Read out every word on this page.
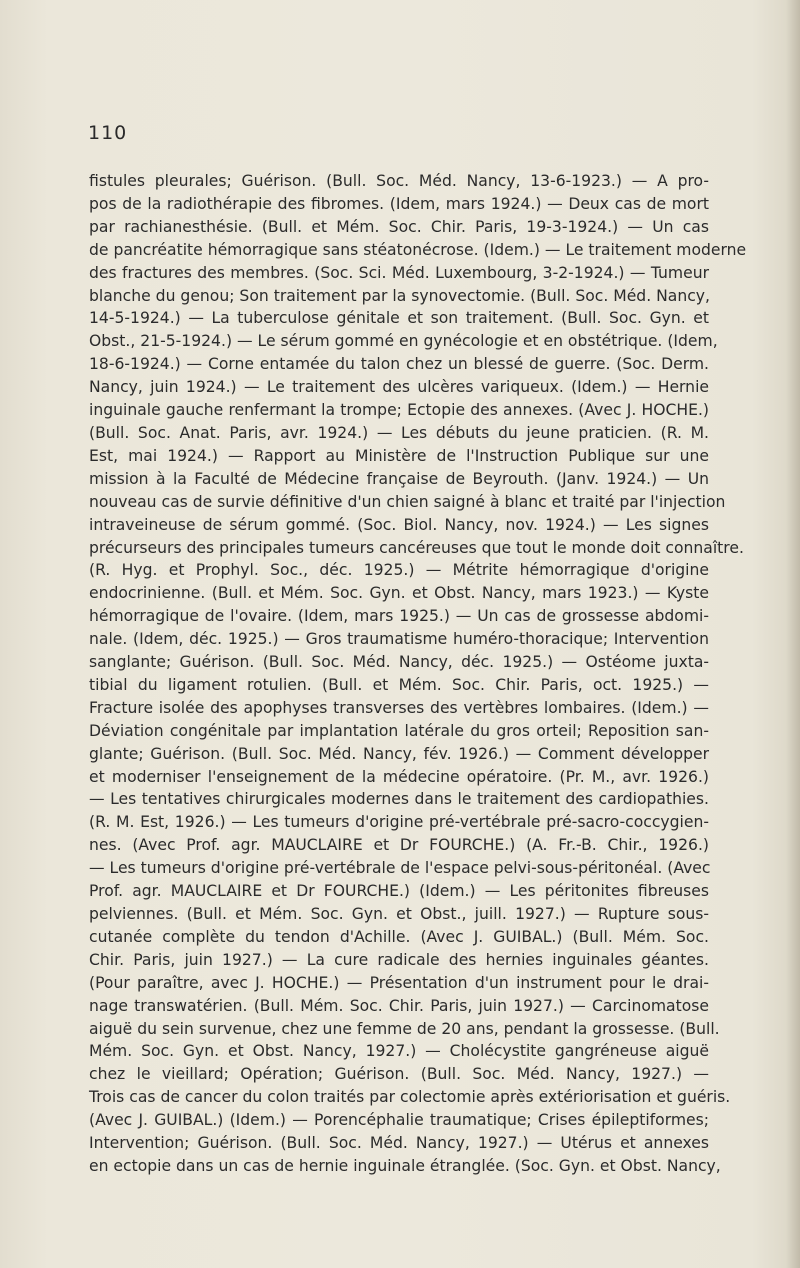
110

fistules pleurales; Guérison. (Bull. Soc. Méd. Nancy, 13-6-1923.) — A pro-
pos de la radiothérapie des fibromes. (Idem, mars 1924.) — Deux cas de mort
par rachianesthésie. (Bull. et Mém. Soc. Chir. Paris, 19-3-1924.) — Un cas
de pancréatite hémorragique sans stéatonécrose. (Idem.) — Le traitement moderne
des fractures des membres. (Soc. Sci. Méd. Luxembourg, 3-2-1924.) — Tumeur
blanche du genou; Son traitement par la synovectomie. (Bull. Soc. Méd. Nancy,
14-5-1924.) — La tuberculose génitale et son traitement. (Bull. Soc. Gyn. et
Obst., 21-5-1924.) — Le sérum gommé en gynécologie et en obstétrique. (Idem,
18-6-1924.) — Corne entamée du talon chez un blessé de guerre. (Soc. Derm.
Nancy, juin 1924.) — Le traitement des ulcères variqueux. (Idem.) — Hernie
inguinale gauche renfermant la trompe; Ectopie des annexes. (Avec J. HOCHE.)
(Bull. Soc. Anat. Paris, avr. 1924.) — Les débuts du jeune praticien. (R. M.
Est, mai 1924.) — Rapport au Ministère de l'Instruction Publique sur une
mission à la Faculté de Médecine française de Beyrouth. (Janv. 1924.) — Un
nouveau cas de survie définitive d'un chien saigné à blanc et traité par l'injection
intraveineuse de sérum gommé. (Soc. Biol. Nancy, nov. 1924.) — Les signes
précurseurs des principales tumeurs cancéreuses que tout le monde doit connaître.
(R. Hyg. et Prophyl. Soc., déc. 1925.) — Métrite hémorragique d'origine
endocrinienne. (Bull. et Mém. Soc. Gyn. et Obst. Nancy, mars 1923.) — Kyste
hémorragique de l'ovaire. (Idem, mars 1925.) — Un cas de grossesse abdomi-
nale. (Idem, déc. 1925.) — Gros traumatisme huméro-thoracique; Intervention
sanglante; Guérison. (Bull. Soc. Méd. Nancy, déc. 1925.) — Ostéome juxta-
tibial du ligament rotulien. (Bull. et Mém. Soc. Chir. Paris, oct. 1925.) —
Fracture isolée des apophyses transverses des vertèbres lombaires. (Idem.) —
Déviation congénitale par implantation latérale du gros orteil; Reposition san-
glante; Guérison. (Bull. Soc. Méd. Nancy, fév. 1926.) — Comment développer
et moderniser l'enseignement de la médecine opératoire. (Pr. M., avr. 1926.)
— Les tentatives chirurgicales modernes dans le traitement des cardiopathies.
(R. M. Est, 1926.) — Les tumeurs d'origine pré-vertébrale pré-sacro-coccygien-
nes. (Avec Prof. agr. MAUCLAIRE et Dr FOURCHE.) (A. Fr.-B. Chir., 1926.)
— Les tumeurs d'origine pré-vertébrale de l'espace pelvi-sous-péritonéal. (Avec
Prof. agr. MAUCLAIRE et Dr FOURCHE.) (Idem.) — Les péritonites fibreuses
pelviennes. (Bull. et Mém. Soc. Gyn. et Obst., juill. 1927.) — Rupture sous-
cutanée complète du tendon d'Achille. (Avec J. GUIBAL.) (Bull. Mém. Soc.
Chir. Paris, juin 1927.) — La cure radicale des hernies inguinales géantes.
(Pour paraître, avec J. HOCHE.) — Présentation d'un instrument pour le drai-
nage transwatérien. (Bull. Mém. Soc. Chir. Paris, juin 1927.) — Carcinomatose
aiguë du sein survenue, chez une femme de 20 ans, pendant la grossesse. (Bull.
Mém. Soc. Gyn. et Obst. Nancy, 1927.) — Cholécystite gangréneuse aiguë
chez le vieillard; Opération; Guérison. (Bull. Soc. Méd. Nancy, 1927.) —
Trois cas de cancer du colon traités par colectomie après extériorisation et guéris.
(Avec J. GUIBAL.) (Idem.) — Porencéphalie traumatique; Crises épileptiformes;
Intervention; Guérison. (Bull. Soc. Méd. Nancy, 1927.) — Utérus et annexes
en ectopie dans un cas de hernie inguinale étranglée. (Soc. Gyn. et Obst. Nancy,
